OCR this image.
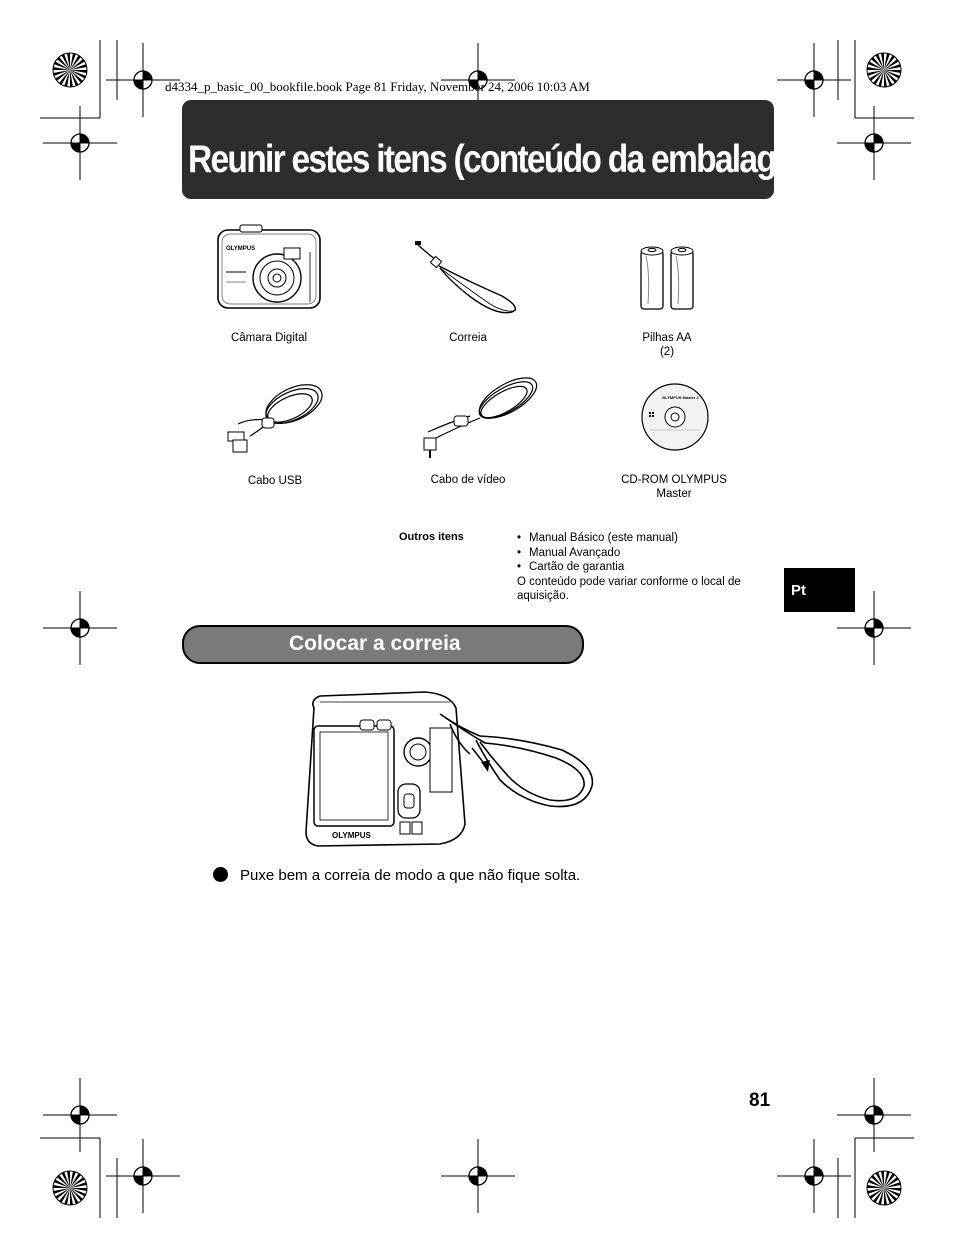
d4334_p_basic_00_bookfile.book Page 81 Friday, November 24, 2006 10:03 AM
Reunir estes itens (conteúdo da embalagen)
OLYMPUS
OLYMPUS Master 2
Câmara Digital	Correia	Pilhas AA
(2)
Cabo USB	Cabo de vídeo	CD-ROM OLYMPUS
Master
Outros itens
•	Manual Básico (este manual)
• Manual Avançado
• Cartão de garantia
O conteúdo pode variar conforme o local de
aquisição.	Pt
Colocar a correia
OLYMPUS
Puxe bem a correia de modo a que não fique solta.
81
